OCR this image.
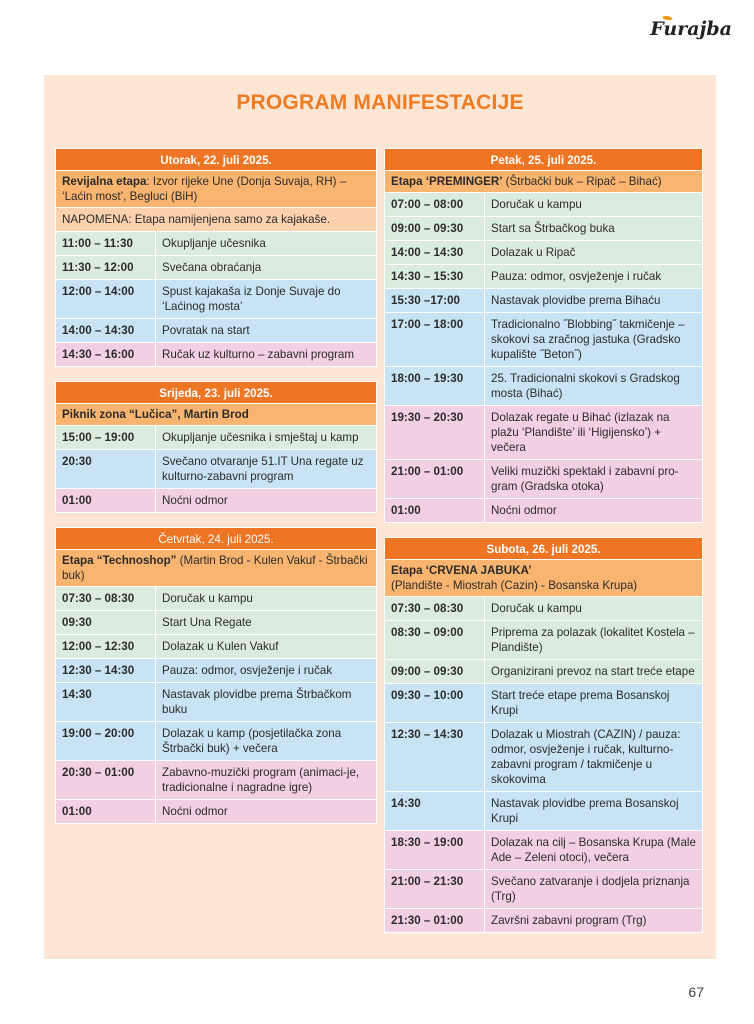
Furajba
PROGRAM MANIFESTACIJE
Utorak, 22. juli 2025.
Revijalna etapa: Izvor rijeke Une (Donja Suvaja, RH) – ‘Laćin most’, Begluci (BiH)
NAPOMENA: Etapa namijenjena samo za kajakaše.
11:00 – 11:30	Okupljanje učesnika
11:30 – 12:00	Svečana obraćanja
12:00 – 14:00	Spust kajakaša iz Donje Suvaje do ‘Laćinog mosta’
14:00 – 14:30	Povratak na start
14:30 – 16:00	Ručak uz kulturno – zabavni program
Srijeda, 23. juli 2025.
Piknik zona “Lučica”, Martin Brod
15:00 – 19:00	Okupljanje učesnika i smještaj u kamp
20:30	Svečano otvaranje 51.IT Una regate uz kulturno-zabavni program
01:00	Noćni odmor
Četvrtak, 24. juli 2025.
Etapa “Technoshop” (Martin Brod - Kulen Vakuf - Štrbački buk)
07:30 – 08:30	Doručak u kampu
09:30	Start Una Regate
12:00 – 12:30	Dolazak u Kulen Vakuf
12:30 – 14:30	Pauza: odmor, osvježenje i ručak
14:30	Nastavak plovidbe prema Štrbačkom buku
19:00 – 20:00	Dolazak u kamp (posjetilačka zona Štrbački buk) + večera
20:30 – 01:00	Zabavno-muzički program (animaci-je, tradicionalne i nagradne igre)
01:00	Noćni odmor
Petak, 25. juli 2025.
Etapa ‘PREMINGER’ (Štrbački buk – Ripač – Bihać)
07:00 – 08:00	Doručak u kampu
09:00 – 09:30	Start sa Štrbačkog buka
14:00 – 14:30	Dolazak u Ripač
14:30 – 15:30	Pauza: odmor, osvježenje i ručak
15:30 –17:00	Nastavak plovidbe prema Bihaću
17:00 – 18:00	Tradicionalno ˝Blobbing˝ takmičenje – skokovi sa zračnog jastuka (Gradsko kupalište ˝Beton˝)
18:00 – 19:30	25. Tradicionalni skokovi s Gradskog mosta (Bihać)
19:30 – 20:30	Dolazak regate u Bihać (izlazak na plažu ‘Plandište’ ili ‘Higijensko’) + večera
21:00 – 01:00	Veliki muzički spektakl i zabavni pro-gram (Gradska otoka)
01:00	Noćni odmor
Subota, 26. juli 2025.
Etapa ‘CRVENA JABUKA’
(Plandište - Miostrah (Cazin) - Bosanska Krupa)
07:30 – 08:30	Doručak u kampu
08:30 – 09:00	Priprema za polazak (lokalitet Kostela – Plandište)
09:00 – 09:30	Organizirani prevoz na start treće etape
09:30 – 10:00	Start treće etape prema Bosanskoj Krupi
12:30 – 14:30	Dolazak u Miostrah (CAZIN) / pauza: odmor, osvježenje i ručak, kulturno-zabavni program / takmičenje u skokovima
14:30	Nastavak plovidbe prema Bosanskoj Krupi
18:30 – 19:00	Dolazak na cilj – Bosanska Krupa (Male Ade – Zeleni otoci), večera
21:00 – 21:30	Svečano zatvaranje i dodjela priznanja (Trg)
21:30 – 01:00	Završni zabavni program (Trg)
67
